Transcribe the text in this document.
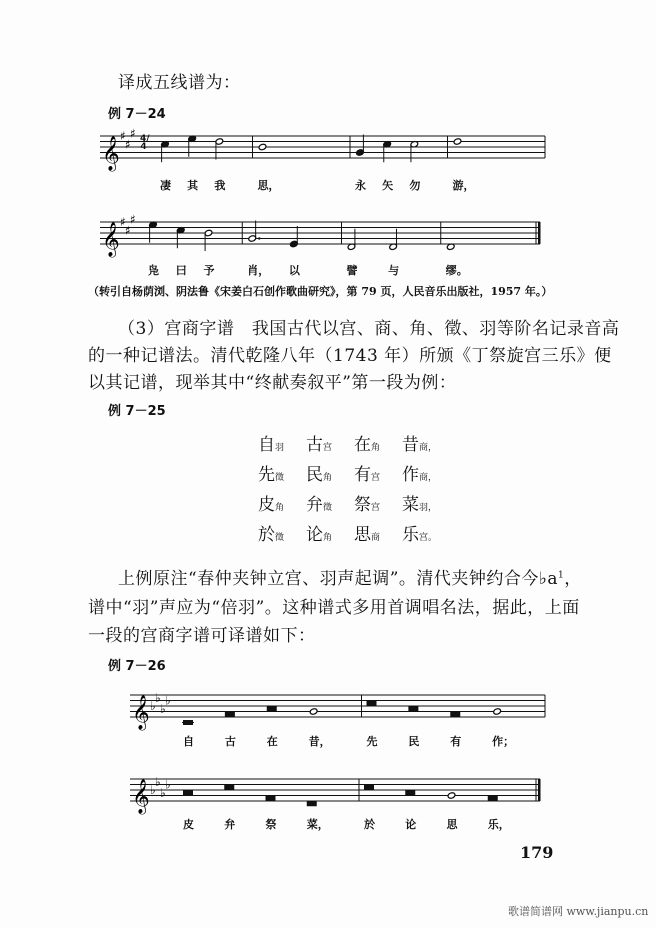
译成五线谱为：
例 7－24
𝄞 ♯
♯
♯
𝄞 ♯
♯
♯
𝄞 ♭
♭
♭
♭
𝄞 ♭
♭
♭
♭
凄 其 我	思，	永 矢 勿	游，
凫 曰 予	肖， 以	譬	与	缪。
自	古	在	昔，	先	民	有	作；
皮	弁	祭	菜，	於	论	思	乐，
4/4
（转引自杨荫浏、阴法鲁《宋姜白石创作歌曲研究》，第 79 页，人民音乐出版社，1957 年。）
（3）宫商字谱　我国古代以宫、商、角、徵、羽等阶名记录音高
的一种记谱法。清代乾隆八年（1743 年）所颁《丁祭旋宫三乐》便
以其记谱，现举其中“终献奏叙平”第一段为例：
例 7－25
自羽 古宫 在角 昔商，
先徵 民角 有宫 作商，
皮角 弁徵 祭宫 菜羽，
於徵 论角 思商 乐宫。
上例原注“春仲夹钟立宫、羽声起调”。清代夹钟约合今$♭a^1$，
谱中“羽”声应为“倍羽”。这种谱式多用首调唱名法，据此，上面
一段的宫商字谱可译谱如下：
例 7－26
179
歌谱简谱网 www.jianpu.cn
